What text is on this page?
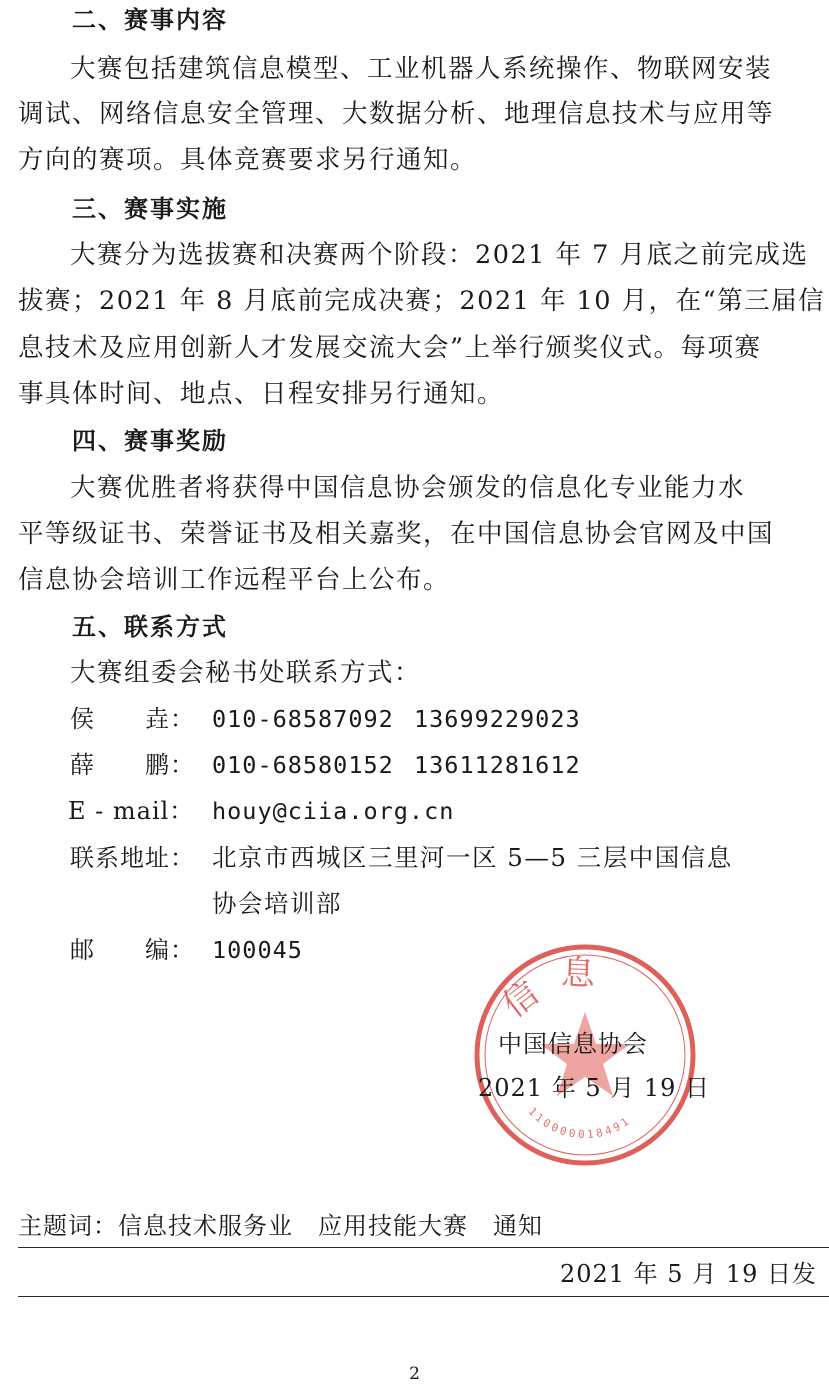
二、赛事内容
大赛包括建筑信息模型、工业机器人系统操作、物联网安装
调试、网络信息安全管理、大数据分析、地理信息技术与应用等
方向的赛项。具体竞赛要求另行通知。
三、赛事实施
大赛分为选拔赛和决赛两个阶段：2021 年 7 月底之前完成选
拔赛；2021 年 8 月底前完成决赛；2021 年 10 月，在“第三届信
息技术及应用创新人才发展交流大会”上举行颁奖仪式。每项赛
事具体时间、地点、日程安排另行通知。
四、赛事奖励
大赛优胜者将获得中国信息协会颁发的信息化专业能力水
平等级证书、荣誉证书及相关嘉奖，在中国信息协会官网及中国
信息协会培训工作远程平台上公布。
五、联系方式
大赛组委会秘书处联系方式：
侯　　垚： 010-68587092 13699229023
薛　　鹏： 010-68580152 13611281612
E - mail： houy@ciia.org.cn
联系地址： 北京市西城区三里河一区 5—5 三层中国信息
协会培训部
邮　　编： 100045
信息
110000018491
中国信息协会
2021 年 5 月 19 日
主题词：信息技术服务业　应用技能大赛　通知
2021 年 5 月 19 日发
2
